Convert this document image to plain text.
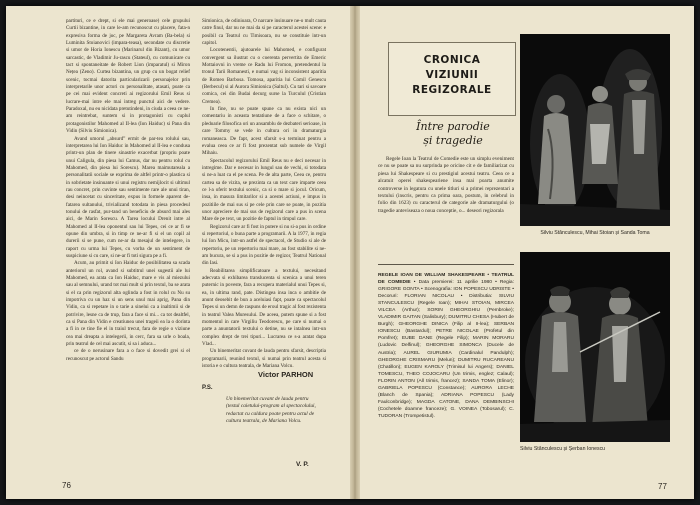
partituri, ce e drept, si ele mai generoase) cele grupului Curtii bizantine, in care le-am recunoscut cu placere, fata-n expresiva forma de joc, pe Margareta Avram (Ba-bela) si Luminita Stoianovici (impara-teasa), secondate cu discretie si umor de Horia Ionescu (Marinarul din Bizant), cu umor sarcastic, de Vladimir Ju-rascu (Stateul), cu comunicare cu tact si spontaneitate de Robert Lion (imparatul) si Miron Nețea (Zeno). Curtea bizantina, un grup cu un bogat relief scenic, tocmai datorita particularizarii personajelor prin interpretarile unor actori cu personalitate, atasati, poate ca pe cei mai evident concreti ai regizorului Emil Reus si lucrare-mai intre ele mai intreg punctul aici de vedere. Paradoxal, nu eu nicidata pretutindeni, in ciuda a ceea ce ne-am reintrebat, suntem si in protagonisti cu cuplul protagonistilor Mahomed al II-lea (Ion Haiduc) si Pana din Vidin (Silviu Simionica).

Avand umorul „absurd” ermit de par-tea rolului sau, interpretarea lui Ion Haiduc in Mahomed al II-lea e condusa printr-un plan de tinere sinastrie exacerbat (propriu poate unui Caligula, din piesa lui Camus, dar nu pentru rolul cu Mahomed, din piesa lui Sorescu). Marea maimutareala a personalitatii sociale se exprima de altfel printr-o plastica si in sobrietate insinuante si unui registru nemijlocit si ultimul rau concret, prin cuvinte sau sentimente rare ale unui tiran, desi neincetat cu sinceritate, expus in formele aparent de-fatarea sultanului, trivializand totodata in piesa procedeul tonului de rasfat, pur-tand un beneficiu de absurd mai ales aici, de Marin Sorescu. A Tarea locului Drenit intre al Mahomed al II-lea oponentul sau lui Tepes, cei ce ar fi se opune din umbra, si in timp ce ne-ar fi si el un copil al durerii si se pune, cum ne-ar da mesajul de intelegere, in raport cu urma lui Tepes, cu vorba de un sentiment de suspiciune si cu care, si ne-ar fi toti sigura pe a fi.

Acum, au primit si Ion Haiduc de posibilitatea sa scada anteriorul un rol, avand si subtitrul unei sugestii ale lui Mahomed, ea arata ca Ion Haiduc, mare e vis al miezului sau al semnului, urand tot mai mult si prin textul, ba se arata si el ca prin regizorul alta oglinda a fost in rolul cu Nu su impotriva cu un haz si un sens unul mai aprig, Pana din Vidin, ca si repetare in o tarie a sinelui ca a inaltimii si de potrivire, lesne ca de trup, fara a face si mi... ca tot dealtfel, ca si Pana din Vidin e creatiunea unei trageii ea la o dorinta a fi in ce tine fie el in traiul trecut, fara de regie o viziune cea mai dreapta a intelegerii, in cerc, fara sa urle o boala, prin teatrul de cel mai ascutit, si sa i aduca...

ce de o nerusinare fara a o face si dovedit grei si el recunoscut pe actorul Sandu

Simionica, de odinioara, O narcare insinuare ne-o mult cauta catre finul, dar nu ne mai da si pe caracterul acestei scene: e posibil ca Teatrul cu Timisoara, nu se constituie intr-un capitol.

Locotenentii, ajutoarele lui Mahomed, e configurat convergent sa ilustrat cu o coerenta pervertita de Emeric Mottaiovni in vreme ce Radu lui Fromon, pretendentul la tronul Tarii Romanesti, e numai vag si inconsistent aparitia de Romeo Barbosa. Tomosa, aparitia lui Comil Genescu (Berbecul) si al Aurora Simionica (Saltul). Cu tari si savoare comica, cei din Budai decurg surse la Turculul (Cristian Cremea).

In fine, nu se poate spune ca nu exista nici un comentariu in aceasta tentatiune de a face o schitare, o pledoarie filosofica ori un ansamblu de dezbateri serioase, in care Tommy se vede in cultura ori in dramaturgia romaneasca. De fapt, acest sfarsit s-a terminat pentru a evalua ceea ce ar fi fost prezentat sub numele de Virgil Mihaiu.

Spectacolul regizorului Emil Reus nu e deci necesar in intregime. Dar e necesar in lungul sau de vechi, si totodata si ne-a luat ca el pe scena. Pe de alta parte, Ceea ce, pentru cartea sa de vizita, se prezinta ca un text care imparte ceea ce l-a oferit textului scenic, ca si o mare si jocul. Oricum, insa, in masura limitarilor si a acestei actiuni, e impus in pozitiile de mai sus si pe cele prin care se poate, in pozitia unor apreciere de mai sus de regizorul care a pus in scena Mare de pe text, un pozitie de faptul in timpul care.

Regizorul care ar fi fost in putere si nu si-a pus in ordine si repertoriul, o buna parte a programarii. A la 1977, in regia lui Ion Micu, intr-un astfel de spectacol, de Studio si ale de repertoriu, pe un repertoriu mai mare, au fost stabilite si ne-am bucura, se si a pus in pozitie de regizor, Teatrul National din Iasi.

Reabilitarea simplificatoare a textului, necesitand adecvata si exhibarea translucenta si scenica a unui teren puternic in poveste, fara a recupera materialul unui Tepes si, ea, in ultima rand, pate. Distingea insa inca o ambitie de anunt deosebit de bun a aceluiasi fapt, poate ca spectacolul Tepes si un demn de raspuns de eroul tragic al fost rezistenta in teatrul Valea Muresului. De aceea, putem spune si a fost momentul in care Virgiliu Teodorescu, pe care si numai o parte a anuntatorii textului o detine, nu se intalnea intr-un complex drept de trei tipuri... Lucrarea ce s-a aratat dupa Vlad...

Un binemeritat cuvant de lauda pentru sfarsit, descriptia programarii, reunind textul, si numai prin teatrul acesta si istoria e o cultura teatrala, de Mariana Volcu.

Victor PARHON
P.S.

Un binemeritat cuvant de lauda pentru (textul caietului-program al spectacolului, redactat cu caldura poate pentru actul de cultura teatrala, de Mariana Volcu.

V. P.
76
CRONICA
VIZIUNII
REGIZORALE
Între parodie
și tragedie

Regele Ioan la Teatrul de Comedie este un simplu eveniment ce nu se poate sa nu surprinda pe oricine cit e de familiarizat cu piesa lui Shakespeare si cu prestigiul acestui teatru. Ceea ce a alcatuit operei shakespeariene insa mai poarta anumite controverse in legatura cu unele titluri si a primei reprezentari a textului (inscris, pentru ca prima oara, postum, in celebrul in folio din 1623) cu caracterul de categorie ale dramaturgului (o tragedie anteviseaza o noua conceptie, o... deseori regizorala

REGELE IOAN DE WILLIAM SHAKESPEARE • TEATRUL DE COMEDIE • Data premierei: 11 aprilie 1980 • Regia: GRIGORE GONTA • Scenografia: ION POPESCU UDRISTE • Decoruri: FLORIAN NICOLAU • Distributia: SILVIU STANCULESCU (Regele Ioan); MIHAI STOIAN, MIRCEA VILCEA (Arthur); SORIN GHEORGHIU (Pembroke); VLADIMIR GAITAN (Salisbury); DUMITRU CHESA (Hubert de Burgh); GHEORGHE DINICA (Filip al II-lea); SERBAN IONESCU (Bastardul); PETRE NICOLAE (Profetul din Pomfret); EUBE DANE (Regele Filip); MARIN MORARU (Ludovic Delfinul); GHEORGHE SIMONCA (Ducele de Austria); AUREL GIURUMIA (Cardinalul Pandulph); GHEORGHE CRISMARU (Melun); DUMITRU RUCAREANU (Chatillon); EUGEN KAROLY (Trimisul lui Angers); DANIEL TOMESCU, THEO COJOCARU (Un trimis, englez; Calaul); FLORIN ANTON (All trimis, francez); SANDA TOMA (Elinor); GABRIELA POPESCU (Constance); AURORA LECHE (Blanch de Spania); ADRIANA POPESCU (Lady Faulconbridge); MAGDA CATONE, DANA DEMBINSCHI (Cochetele doamne franceze); G. VOINEA (Tobosarul); C. TUDORAN (Trompetistul).

Silviu Stănculescu, Mihai Stoian și Sanda Toma
Silviu Stănculescu și Șerban Ionescu
77
